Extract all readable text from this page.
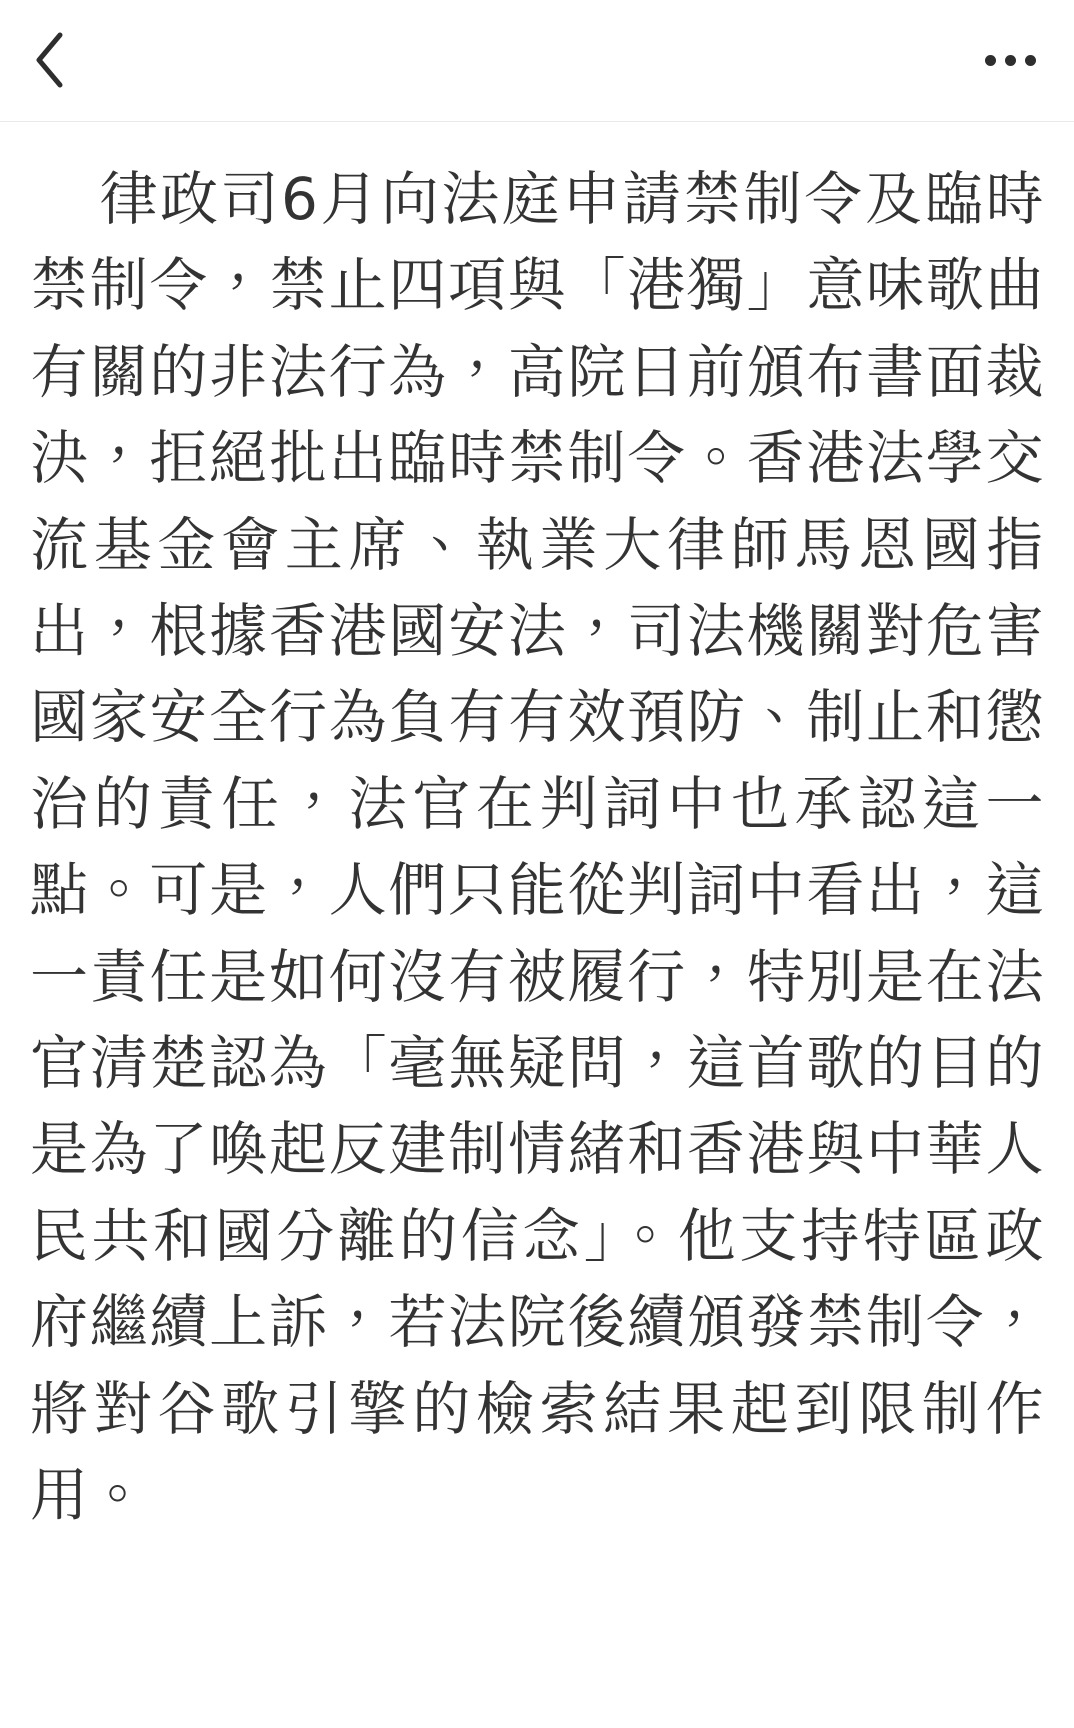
律政司6月向法庭申請禁制令及臨時禁制令，禁止四項與「港獨」意味歌曲有關的非法行為，高院日前頒布書面裁決，拒絕批出臨時禁制令。香港法學交流基金會主席、執業大律師馬恩國指出，根據香港國安法，司法機關對危害國家安全行為負有有效預防、制止和懲治的責任，法官在判詞中也承認這一點。可是，人們只能從判詞中看出，這一責任是如何沒有被履行，特別是在法官清楚認為「毫無疑問，這首歌的目的是為了喚起反建制情緒和香港與中華人民共和國分離的信念」。他支持特區政府繼續上訴，若法院後續頒發禁制令，將對谷歌引擎的檢索結果起到限制作用。
